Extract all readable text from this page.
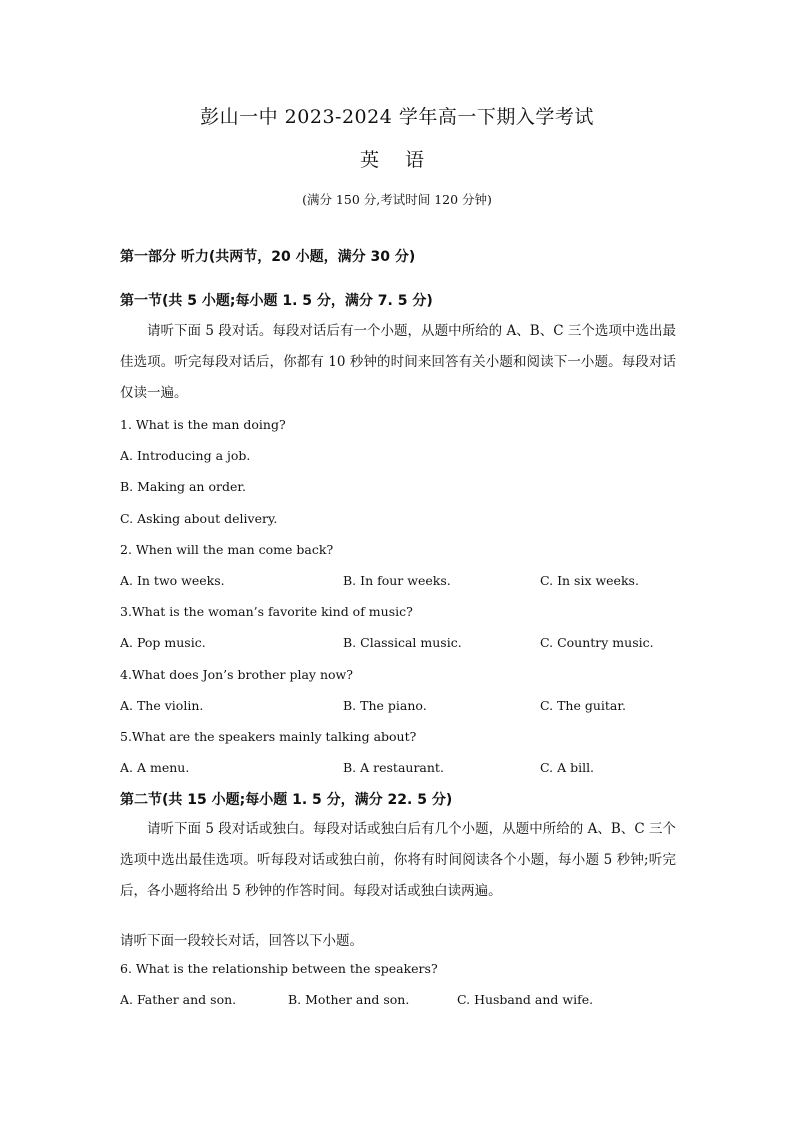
彭山一中 2023-2024 学年高一下期入学考试
英 语
(满分 150 分,考试时间 120 分钟)
第一部分 听力(共两节，20 小题，满分 30 分)
第一节(共 5 小题;每小题 1. 5 分，满分 7. 5 分)
请听下面 5 段对话。每段对话后有一个小题，从题中所给的 A、B、C 三个选项中选出最佳选项。听完每段对话后，你都有 10 秒钟的时间来回答有关小题和阅读下一小题。每段对话仅读一遍。
1. What is the man doing?
A. Introducing a job.
B. Making an order.
C. Asking about delivery.
2. When will the man come back?
A. In two weeks.	B. In four weeks.	C. In six weeks.
3.What is the woman’s favorite kind of music?
A. Pop music.	B. Classical music.	C. Country music.
4.What does Jon’s brother play now?
A. The violin.	B. The piano.	C. The guitar.
5.What are the speakers mainly talking about?
A. A menu.	B. A restaurant.	C. A bill.
第二节(共 15 小题;每小题 1. 5 分，满分 22. 5 分)
请听下面 5 段对话或独白。每段对话或独白后有几个小题，从题中所给的 A、B、C 三个选项中选出最佳选项。听每段对话或独白前，你将有时间阅读各个小题，每小题 5 秒钟;听完后，各小题将给出 5 秒钟的作答时间。每段对话或独白读两遍。
请听下面一段较长对话，回答以下小题。
6. What is the relationship between the speakers?
A. Father and son.	B. Mother and son.	C. Husband and wife.
